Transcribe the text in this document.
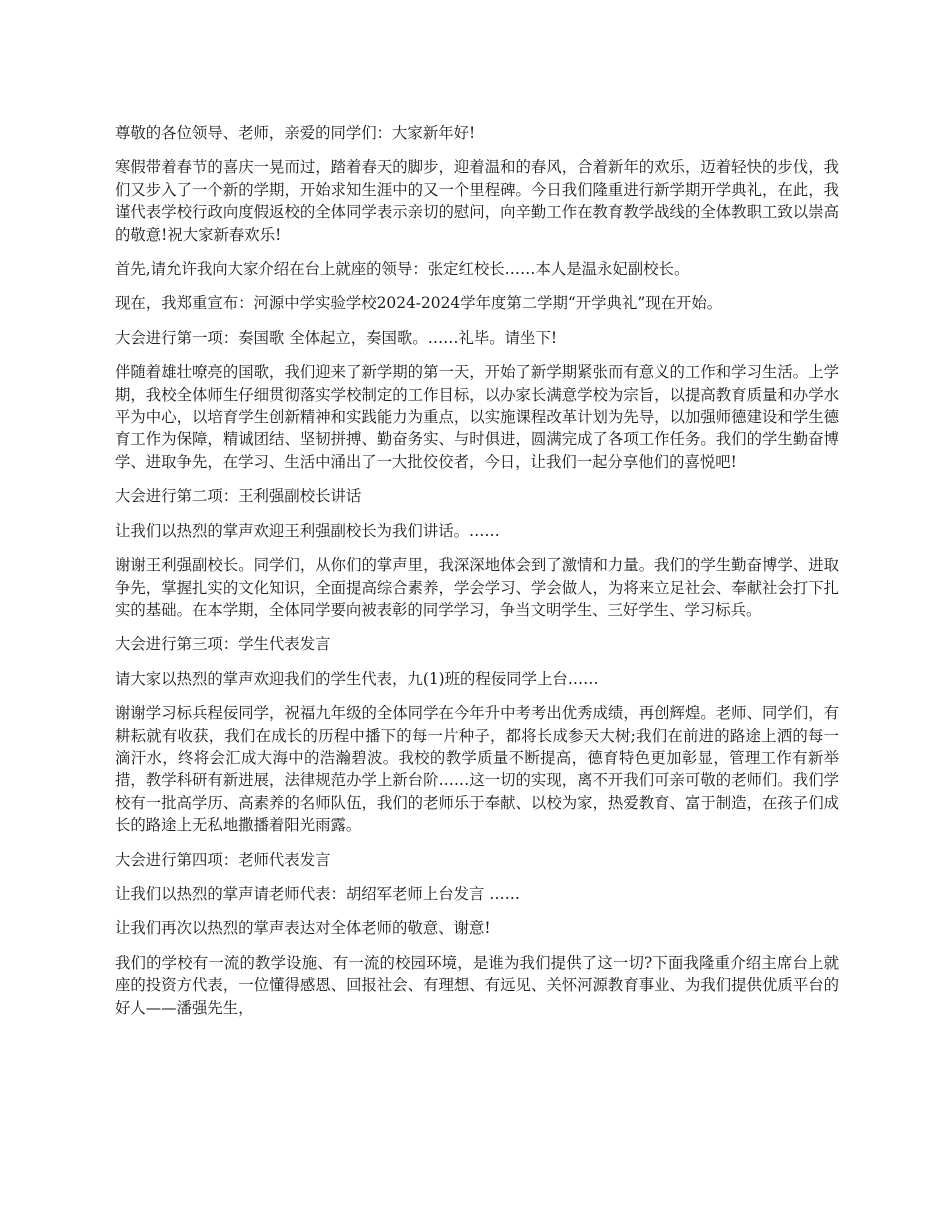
尊敬的各位领导、老师，亲爱的同学们：大家新年好!

寒假带着春节的喜庆一晃而过，踏着春天的脚步，迎着温和的春风，合着新年的欢乐，迈着轻快的步伐，我们又步入了一个新的学期，开始求知生涯中的又一个里程碑。今日我们隆重进行新学期开学典礼，在此，我谨代表学校行政向度假返校的全体同学表示亲切的慰问，向辛勤工作在教育教学战线的全体教职工致以崇高的敬意!祝大家新春欢乐!

首先,请允许我向大家介绍在台上就座的领导：张定红校长……本人是温永妃副校长。

现在，我郑重宣布：河源中学实验学校2024-2024学年度第二学期“开学典礼”现在开始。

大会进行第一项：奏国歌 全体起立，奏国歌。……礼毕。请坐下!

伴随着雄壮嘹亮的国歌，我们迎来了新学期的第一天，开始了新学期紧张而有意义的工作和学习生活。上学期，我校全体师生仔细贯彻落实学校制定的工作目标，以办家长满意学校为宗旨，以提高教育质量和办学水平为中心，以培育学生创新精神和实践能力为重点，以实施课程改革计划为先导，以加强师德建设和学生德育工作为保障，精诚团结、坚韧拼搏、勤奋务实、与时俱进，圆满完成了各项工作任务。我们的学生勤奋博学、进取争先，在学习、生活中涌出了一大批佼佼者，今日，让我们一起分享他们的喜悦吧!

大会进行第二项：王利强副校长讲话

让我们以热烈的掌声欢迎王利强副校长为我们讲话。……

谢谢王利强副校长。同学们，从你们的掌声里，我深深地体会到了激情和力量。我们的学生勤奋博学、进取争先，掌握扎实的文化知识，全面提高综合素养，学会学习、学会做人，为将来立足社会、奉献社会打下扎实的基础。在本学期，全体同学要向被表彰的同学学习，争当文明学生、三好学生、学习标兵。

大会进行第三项：学生代表发言

请大家以热烈的掌声欢迎我们的学生代表，九(1)班的程佞同学上台……

谢谢学习标兵程佞同学，祝福九年级的全体同学在今年升中考考出优秀成绩，再创辉煌。老师、同学们，有耕耘就有收获，我们在成长的历程中播下的每一片种子，都将长成参天大树;我们在前进的路途上洒的每一滴汗水，终将会汇成大海中的浩瀚碧波。我校的教学质量不断提高，德育特色更加彰显，管理工作有新举措，教学科研有新进展，法律规范办学上新台阶……这一切的实现，离不开我们可亲可敬的老师们。我们学校有一批高学历、高素养的名师队伍，我们的老师乐于奉献、以校为家，热爱教育、富于制造，在孩子们成长的路途上无私地撒播着阳光雨露。

大会进行第四项：老师代表发言

让我们以热烈的掌声请老师代表：胡绍军老师上台发言 ……

让我们再次以热烈的掌声表达对全体老师的敬意、谢意!

我们的学校有一流的教学设施、有一流的校园环境，是谁为我们提供了这一切?下面我隆重介绍主席台上就座的投资方代表，一位懂得感恩、回报社会、有理想、有远见、关怀河源教育事业、为我们提供优质平台的好人——潘强先生，
